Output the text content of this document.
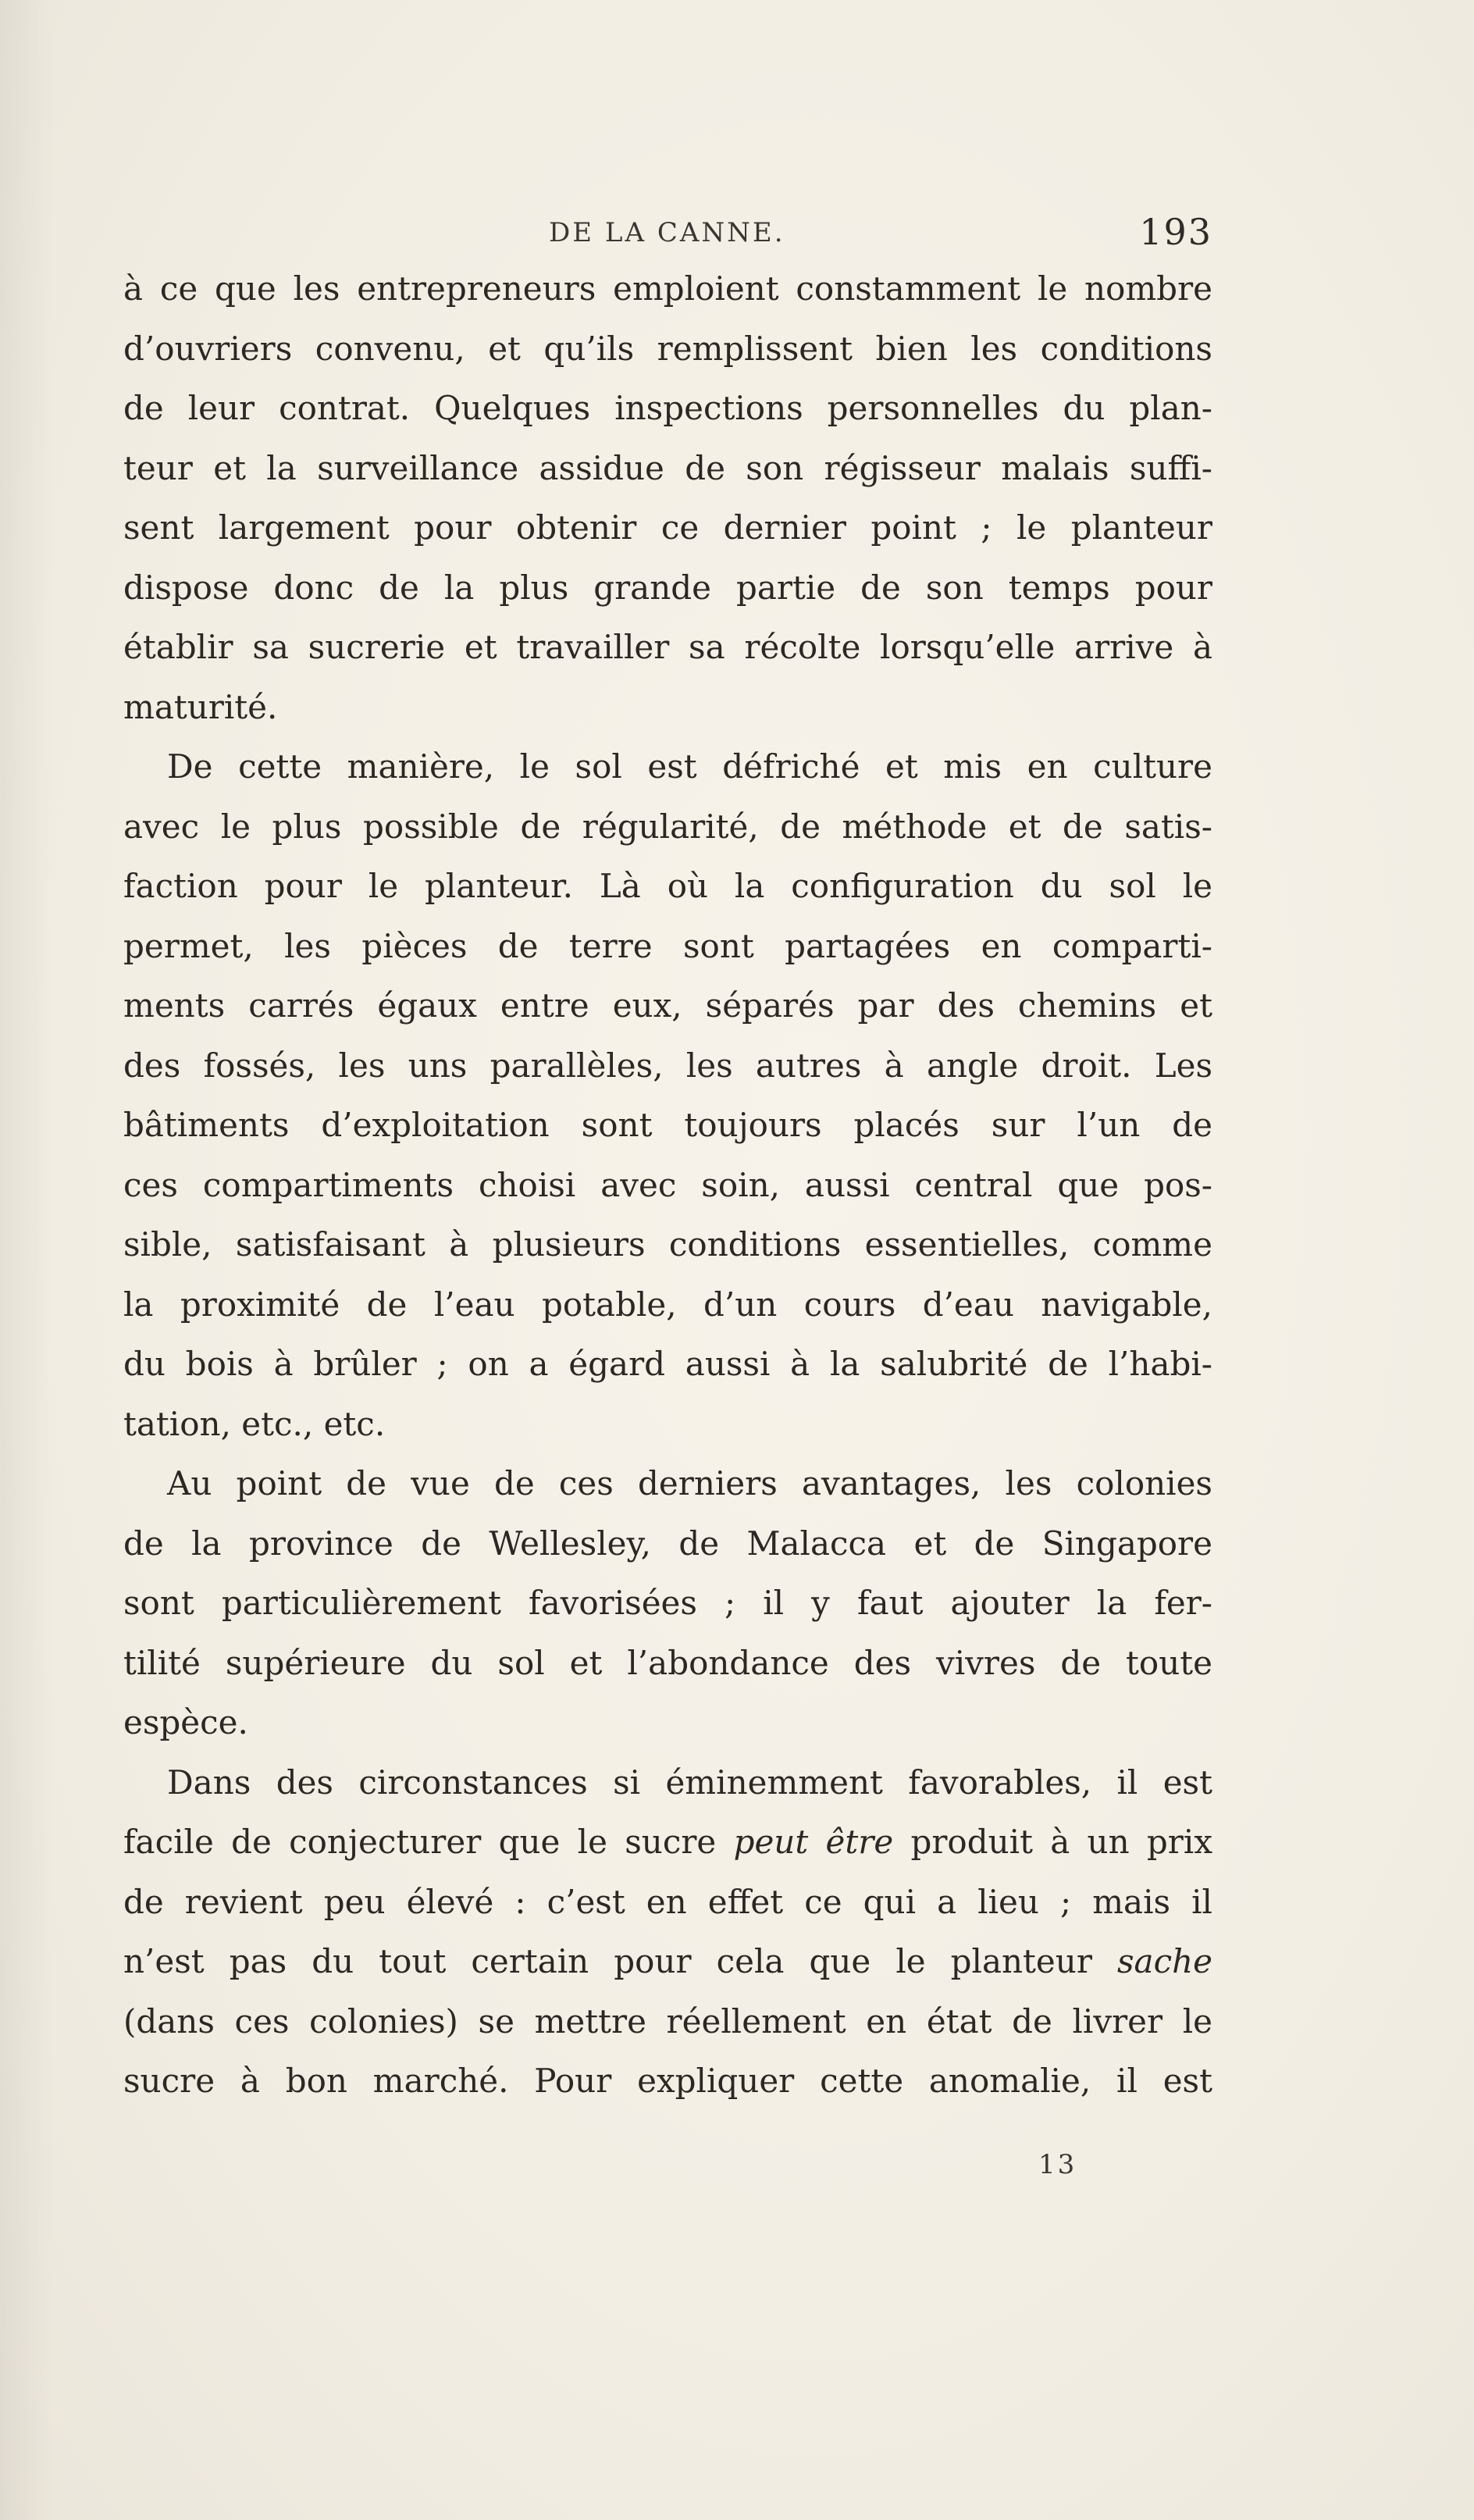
DE LA CANNE.	193

à ce que les entrepreneurs emploient constamment le nombre
d’ouvriers convenu, et qu’ils remplissent bien les conditions
de leur contrat. Quelques inspections personnelles du plan-
teur et la surveillance assidue de son régisseur malais suffi-
sent largement pour obtenir ce dernier point ; le planteur
dispose donc de la plus grande partie de son temps pour
établir sa sucrerie et travailler sa récolte lorsqu’elle arrive à
maturité.

De cette manière, le sol est défriché et mis en culture
avec le plus possible de régularité, de méthode et de satis-
faction pour le planteur. Là où la configuration du sol le
permet, les pièces de terre sont partagées en comparti-
ments carrés égaux entre eux, séparés par des chemins et
des fossés, les uns parallèles, les autres à angle droit. Les
bâtiments d’exploitation sont toujours placés sur l’un de
ces compartiments choisi avec soin, aussi central que pos-
sible, satisfaisant à plusieurs conditions essentielles, comme
la proximité de l’eau potable, d’un cours d’eau navigable,
du bois à brûler ; on a égard aussi à la salubrité de l’habi-
tation, etc., etc.

Au point de vue de ces derniers avantages, les colonies
de la province de Wellesley, de Malacca et de Singapore
sont particulièrement favorisées ; il y faut ajouter la fer-
tilité supérieure du sol et l’abondance des vivres de toute
espèce.

Dans des circonstances si éminemment favorables, il est
facile de conjecturer que le sucre peut être produit à un prix
de revient peu élevé : c’est en effet ce qui a lieu ; mais il
n’est pas du tout certain pour cela que le planteur sache
(dans ces colonies) se mettre réellement en état de livrer le
sucre à bon marché. Pour expliquer cette anomalie, il est

13
